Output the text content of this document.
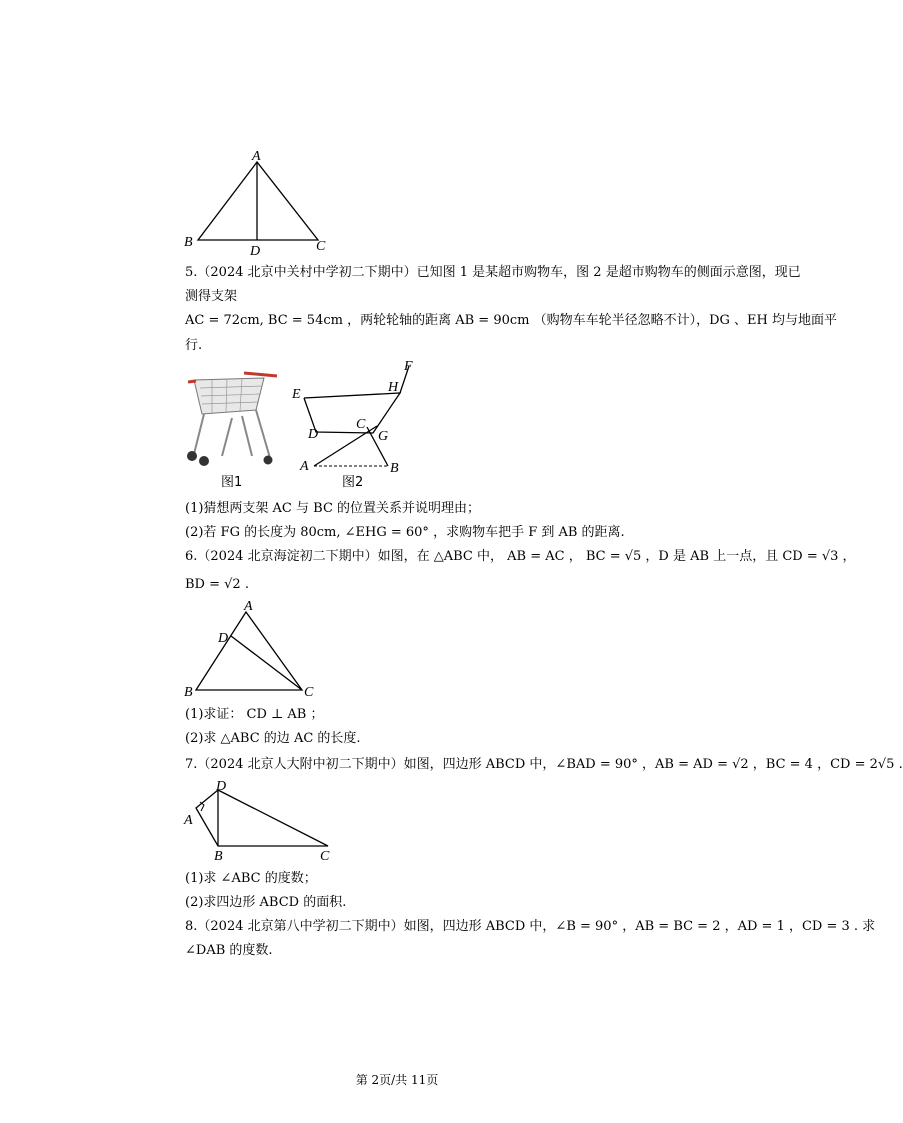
A
B
D	C
5.（2024 北京中关村中学初二下期中）已知图 1 是某超市购物车，图 2 是超市购物车的侧面示意图，现已
测得支架
AC = 72cm, BC = 54cm ，两轮轮轴的距离 AB = 90cm （购物车车轮半径忽略不计），DG 、EH 均与地面平
行.
图1
F
H
E
C
D	G
A	B
图2
(1)猜想两支架 AC 与 BC 的位置关系并说明理由；
(2)若 FG 的长度为 80cm, ∠EHG = 60° ，求购物车把手 F 到 AB 的距离.
6.（2024 北京海淀初二下期中）如图，在 △ABC 中， AB = AC ， BC = √5 ，D 是 AB 上一点，且 CD = √3 ，
BD = √2 .
A
D
B	C
(1)求证： CD ⊥ AB ；
(2)求 △ABC 的边 AC 的长度.
7.（2024 北京人大附中初二下期中）如图，四边形 ABCD 中，∠BAD = 90° ，AB = AD = √2 ，BC = 4 ，CD = 2√5 .
D
A
B	C
(1)求 ∠ABC 的度数；
(2)求四边形 ABCD 的面积.
8.（2024 北京第八中学初二下期中）如图，四边形 ABCD 中，∠B = 90° ，AB = BC = 2 ，AD = 1 ，CD = 3 . 求
∠DAB 的度数.
第 2页/共 11页
